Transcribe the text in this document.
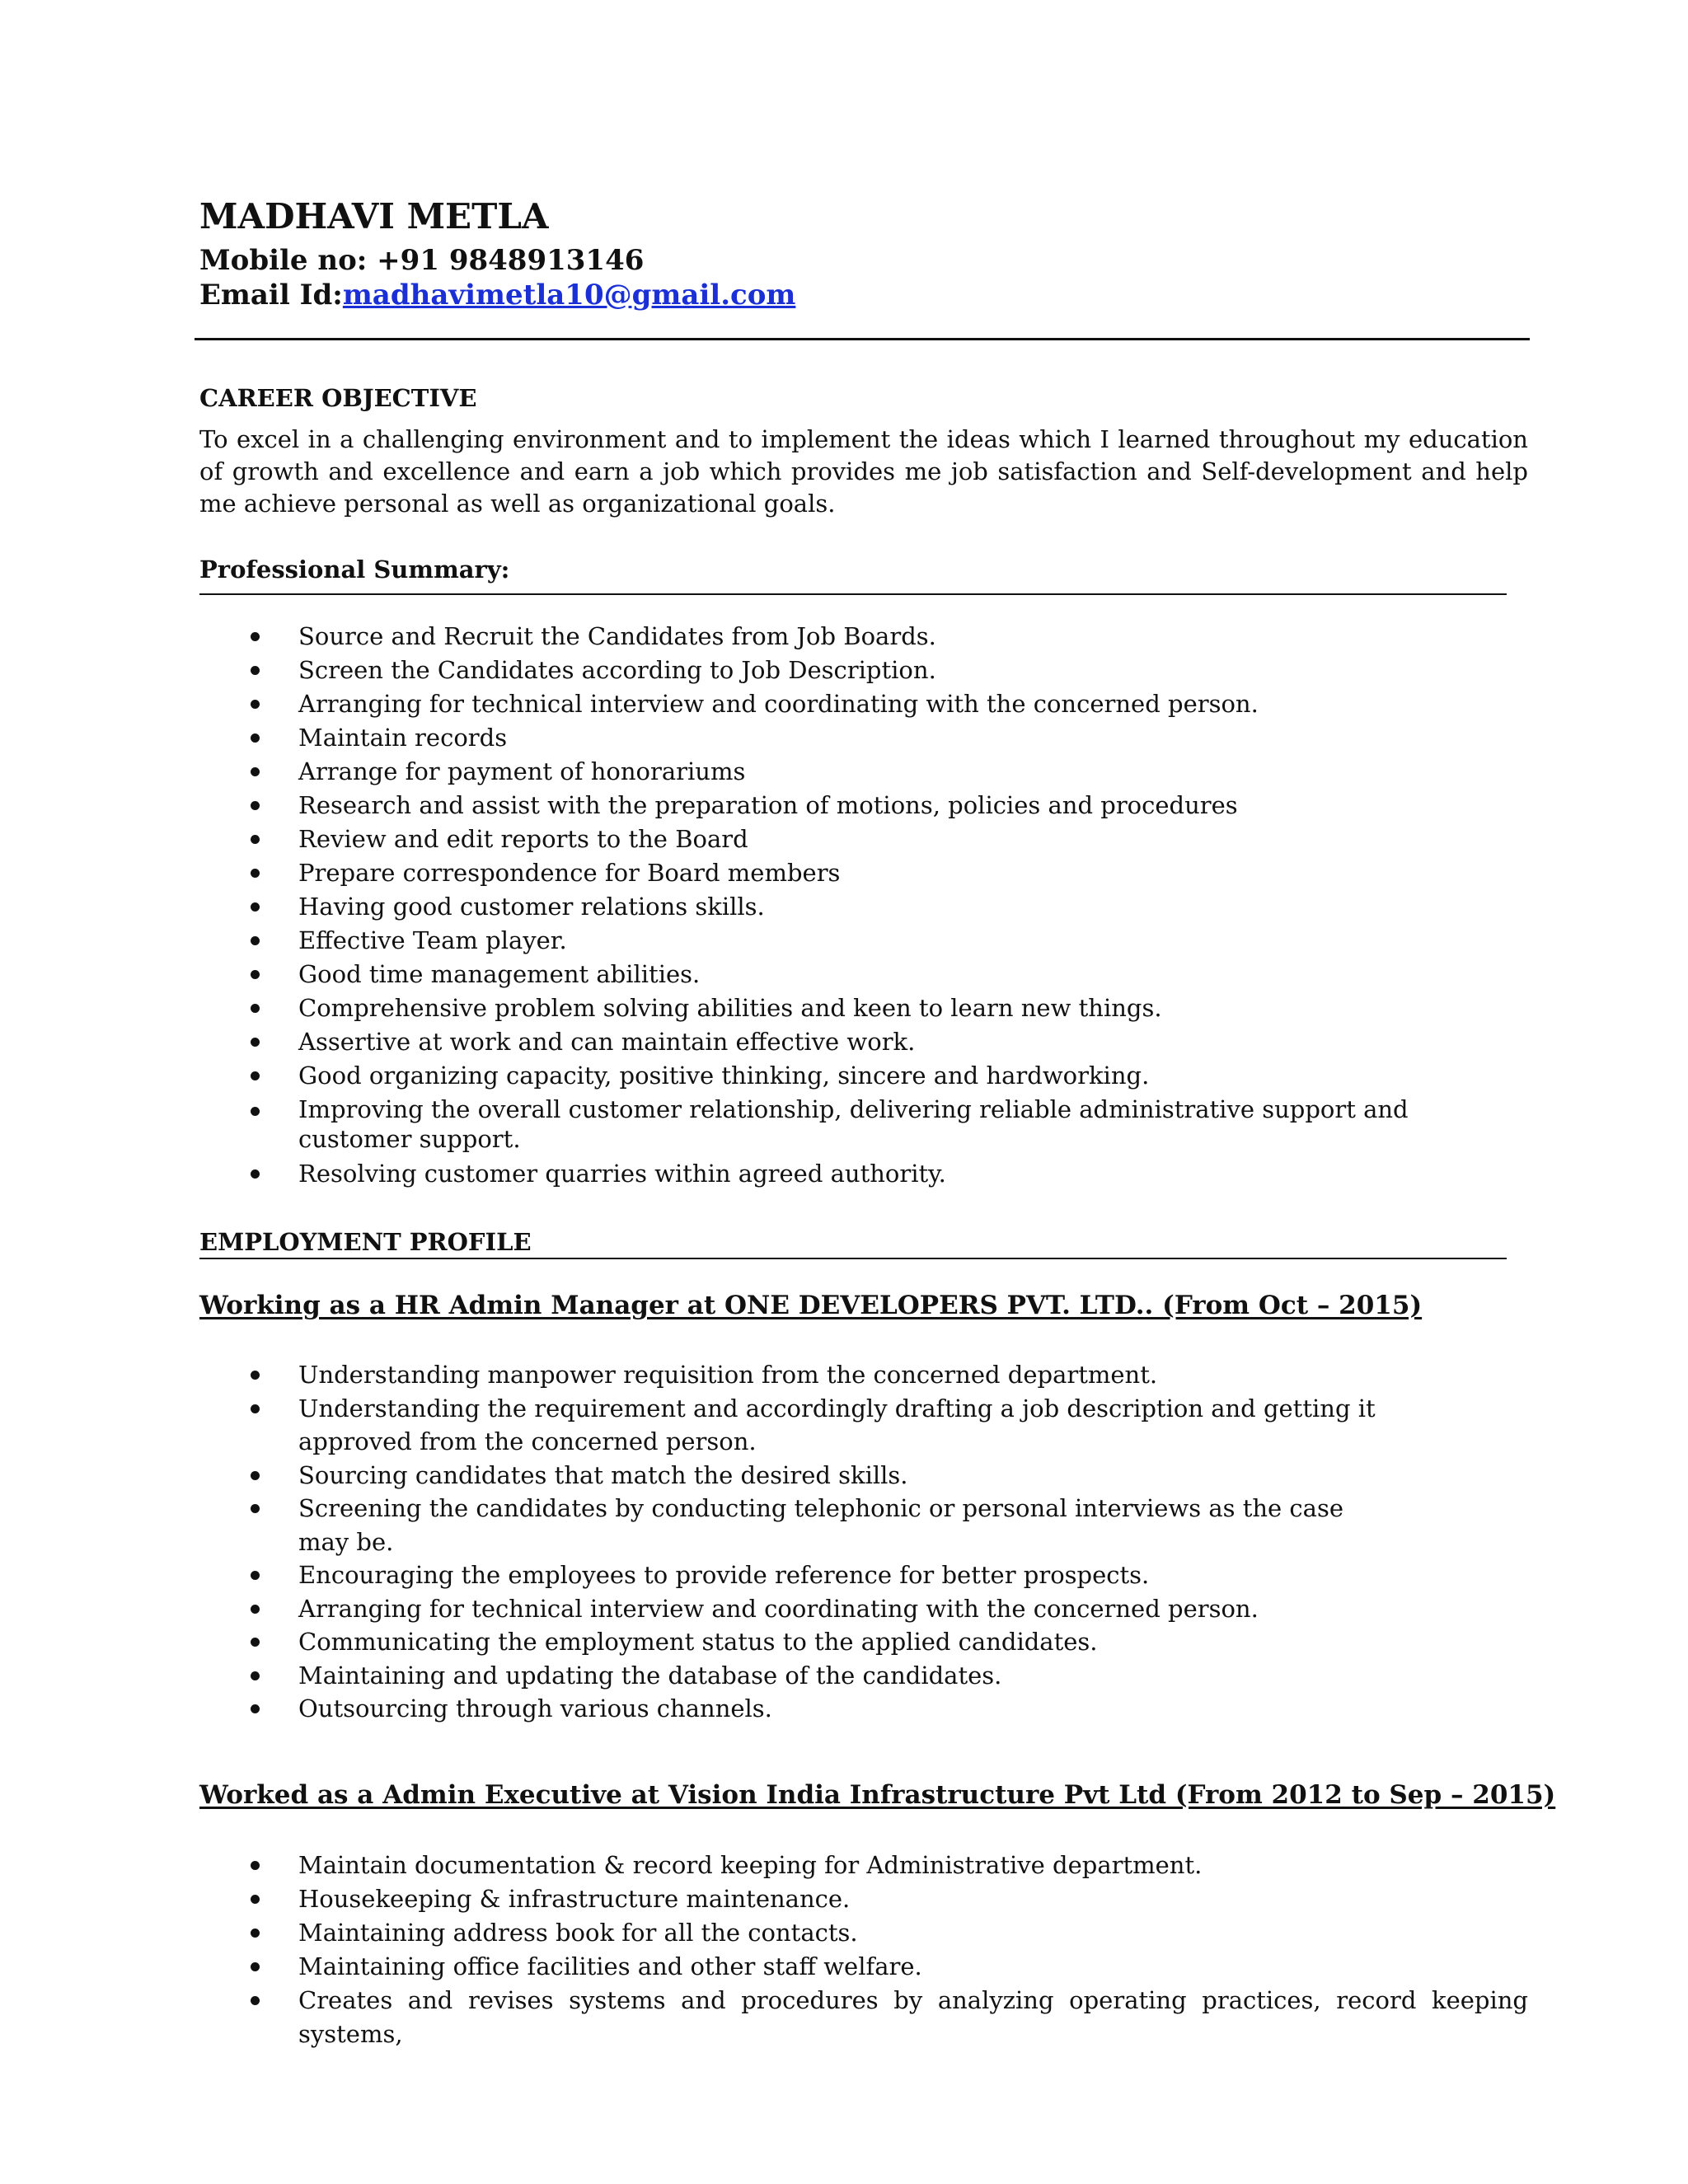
MADHAVI METLA
Mobile no: +91 9848913146
Email Id:madhavimetla10@gmail.com
CAREER OBJECTIVE
To excel in a challenging environment and to implement the ideas which I learned throughout my education of growth and excellence and earn a job which provides me job satisfaction and Self-development and help me achieve personal as well as organizational goals.
Professional Summary:
Source and Recruit the Candidates from Job Boards.
Screen the Candidates according to Job Description.
Arranging for technical interview and coordinating with the concerned person.
Maintain records
Arrange for payment of honorariums
Research and assist with the preparation of motions, policies and procedures
Review and edit reports to the Board
Prepare correspondence for Board members
Having good customer relations skills.
Effective Team player.
Good time management abilities.
Comprehensive problem solving abilities and keen to learn new things.
Assertive at work and can maintain effective work.
Good organizing capacity, positive thinking, sincere and hardworking.
Improving the overall customer relationship, delivering reliable administrative support and customer support.
Resolving customer quarries within agreed authority.
EMPLOYMENT PROFILE
Working as a HR Admin Manager at ONE DEVELOPERS PVT. LTD.. (From Oct – 2015)
Understanding manpower requisition from the concerned department.
Understanding the requirement and accordingly drafting a job description and getting it approved from the concerned person.
Sourcing candidates that match the desired skills.
Screening the candidates by conducting telephonic or personal interviews as the case may be.
Encouraging the employees to provide reference for better prospects.
Arranging for technical interview and coordinating with the concerned person.
Communicating the employment status to the applied candidates.
Maintaining and updating the database of the candidates.
Outsourcing through various channels.
Worked as a Admin Executive at Vision India Infrastructure Pvt Ltd (From 2012 to Sep – 2015)
Maintain documentation & record keeping for Administrative department.
Housekeeping & infrastructure maintenance.
Maintaining address book for all the contacts.
Maintaining office facilities and other staff welfare.
Creates and revises systems and procedures by analyzing operating practices, record keeping systems,
